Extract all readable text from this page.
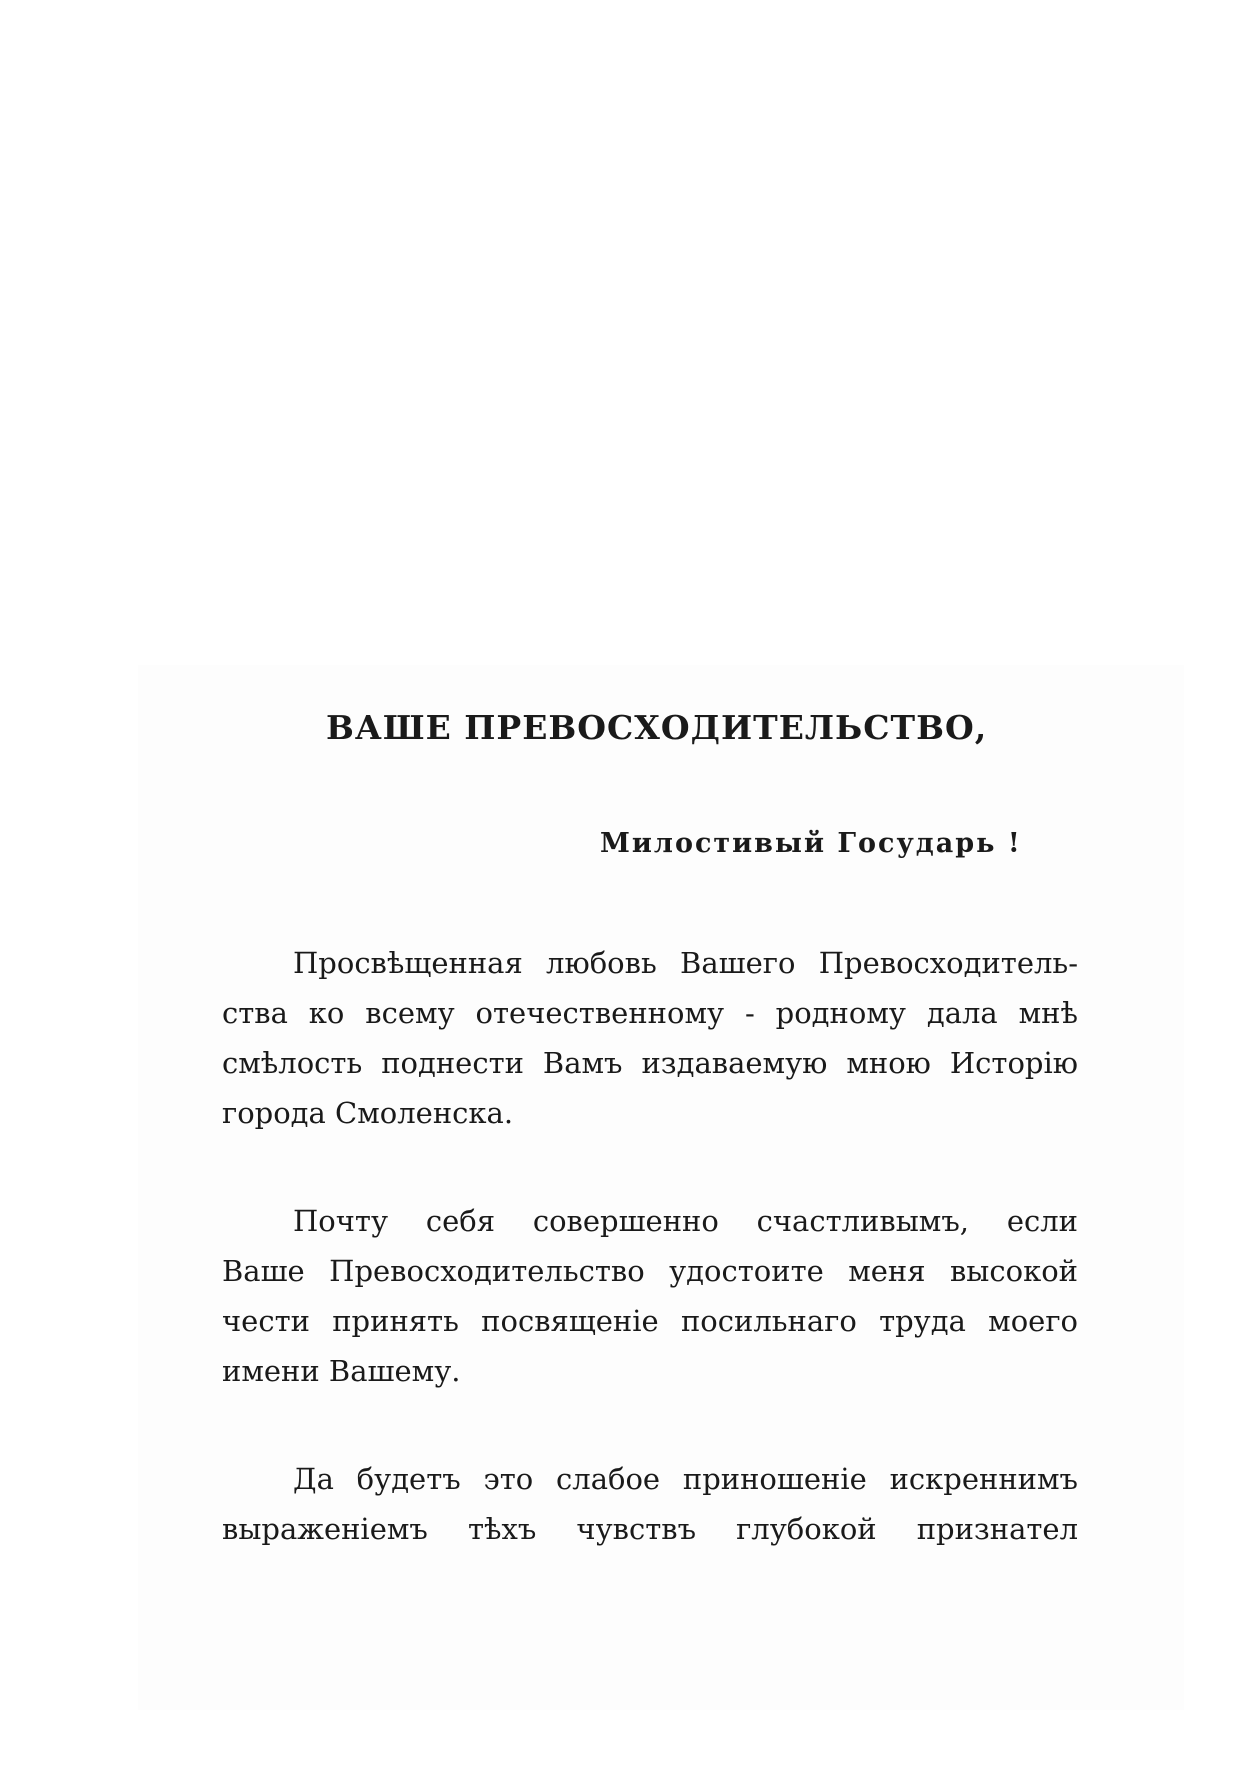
ВАШЕ ПРЕВОСХОДИТЕЛЬСТВО,
Милостивый Государь !
Просвѣщенная любовь Вашего Превосходитель-
ства ко всему отечественному - родному дала мнѣ
смѣлость поднести Вамъ издаваемую мною Исторію
города Смоленска.
Почту себя совершенно счастливымъ, если
Ваше Превосходительство удостоите меня высокой
чести принять посвященіе посильнаго труда моего
имени Вашему.
Да будетъ это слабое приношеніе искреннимъ
выраженіемъ тѣхъ чувствъ глубокой признател
